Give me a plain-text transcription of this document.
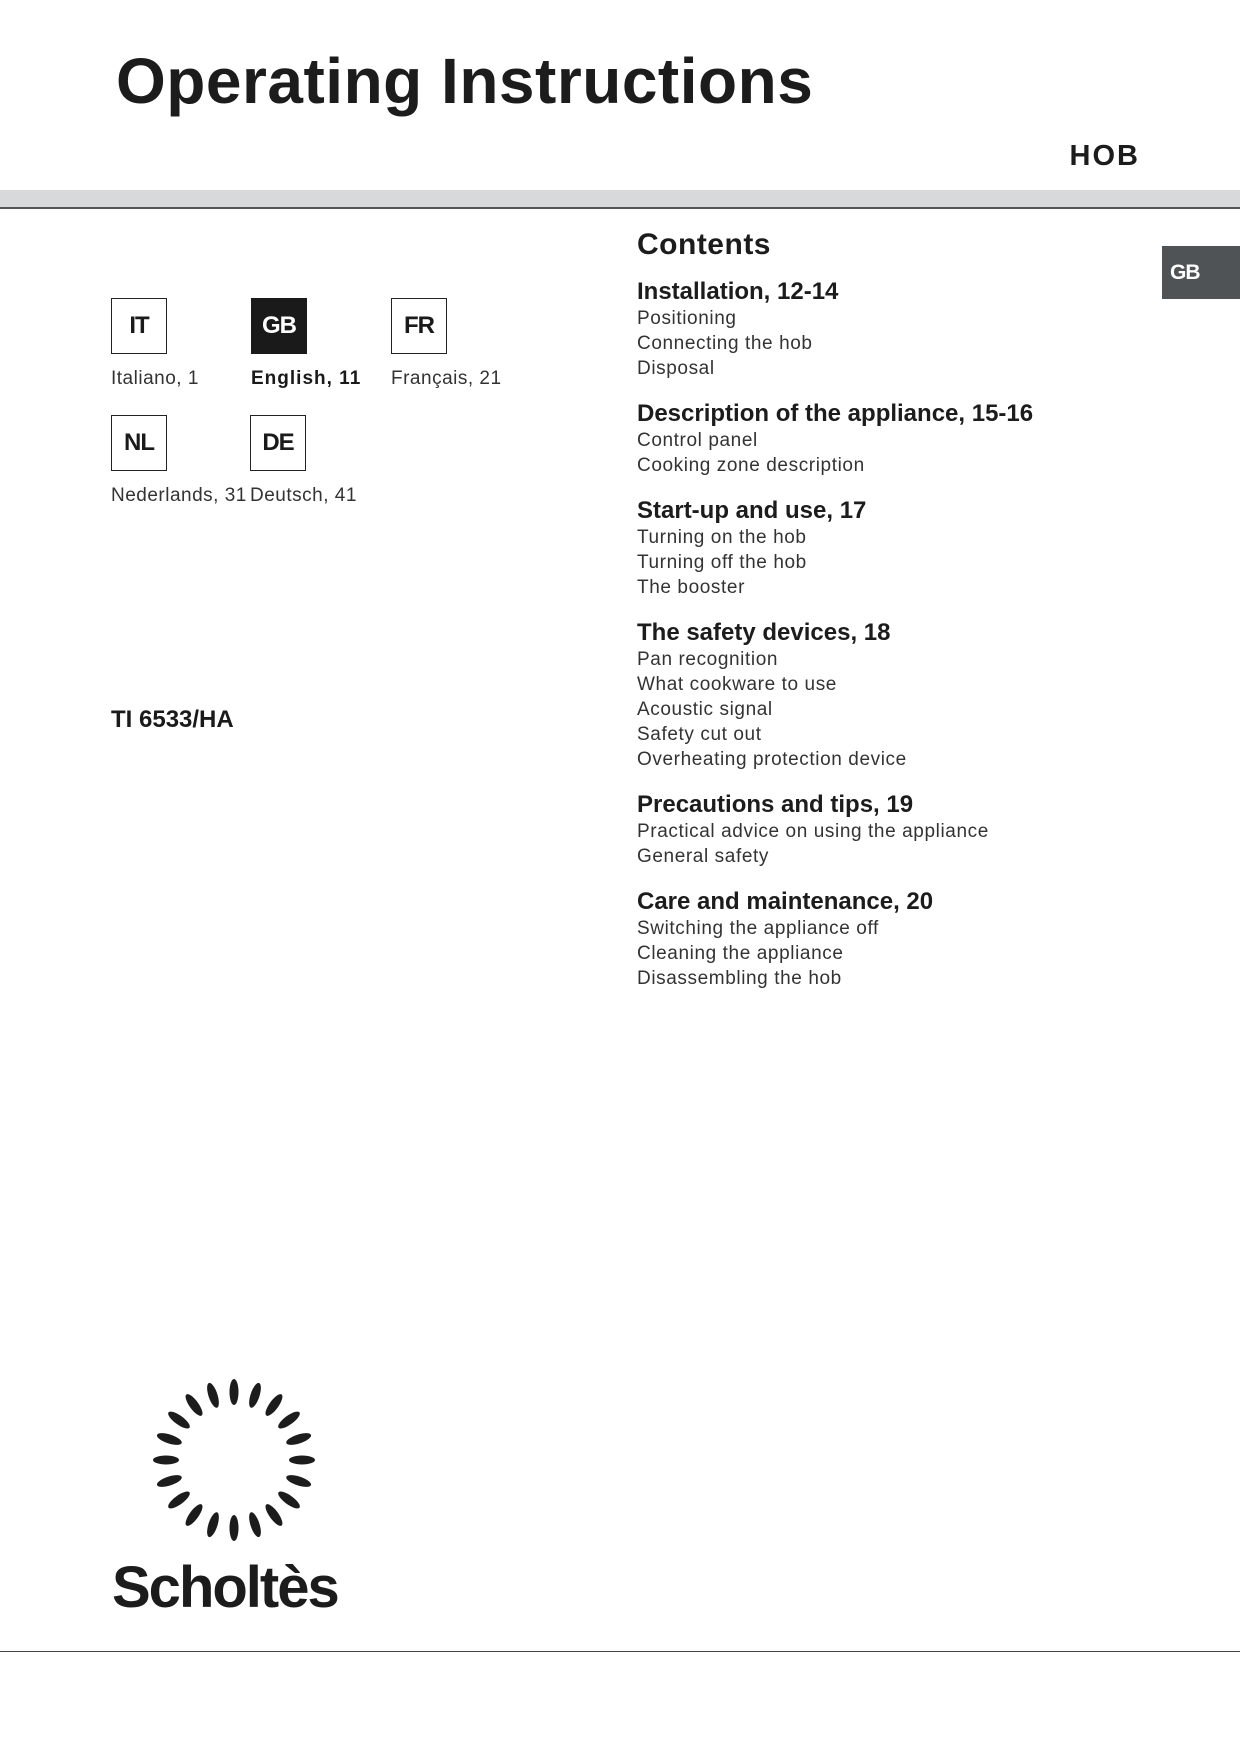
Operating Instructions
HOB
GB
IT
Italiano, 1
GB
English, 11
FR
Français, 21
NL
Nederlands, 31
DE
Deutsch, 41
TI 6533/HA
Contents
Installation, 12-14
Positioning
Connecting the hob
Disposal
Description of the appliance, 15-16
Control panel
Cooking zone description
Start-up and use, 17
Turning on the hob
Turning off the hob
The booster
The safety devices, 18
Pan recognition
What cookware to use
Acoustic signal
Safety cut out
Overheating protection device
Precautions and tips, 19
Practical advice on using the appliance
General safety
Care and maintenance, 20
Switching the appliance off
Cleaning the appliance
Disassembling the hob
Scholtès
